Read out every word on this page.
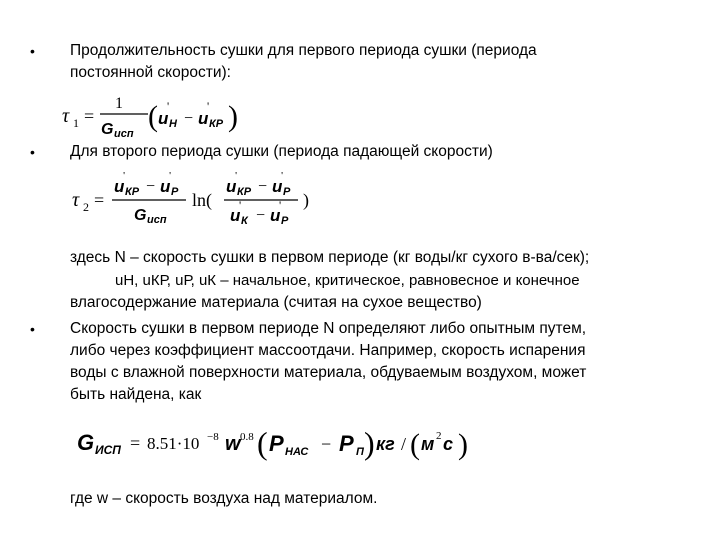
•
•
•
Продолжительность сушки для первого периода сушки (периода
постоянной скорости):
τ 1 =
1
G исп
( u
'
Н − u
'
КР )
Для второго периода сушки (периода падающей скорости)
τ 2 =
u
'
КР − u
'
Р
G исп
ln(
u
'
КР − u
'
Р
u
'
К − u
'
Р
)
здесь N – скорость сушки в первом периоде (кг воды/кг сухого в-ва/сек);
uН, uКР, uР, uК – начальное, критическое, равновесное и конечное
влагосодержание материала (считая на сухое вещество)
Скорость сушки в первом периоде N определяют либо опытным путем,
либо через коэффициент массоотдачи. Например, скорость испарения
воды с влажной поверхности материала, обдуваемым воздухом, может
быть найдена, как
G ИСП = 8.51·10 −8 w 0.8 ( P НАС − P П ) кг / ( м 2 с )
где w – скорость воздуха над материалом.
